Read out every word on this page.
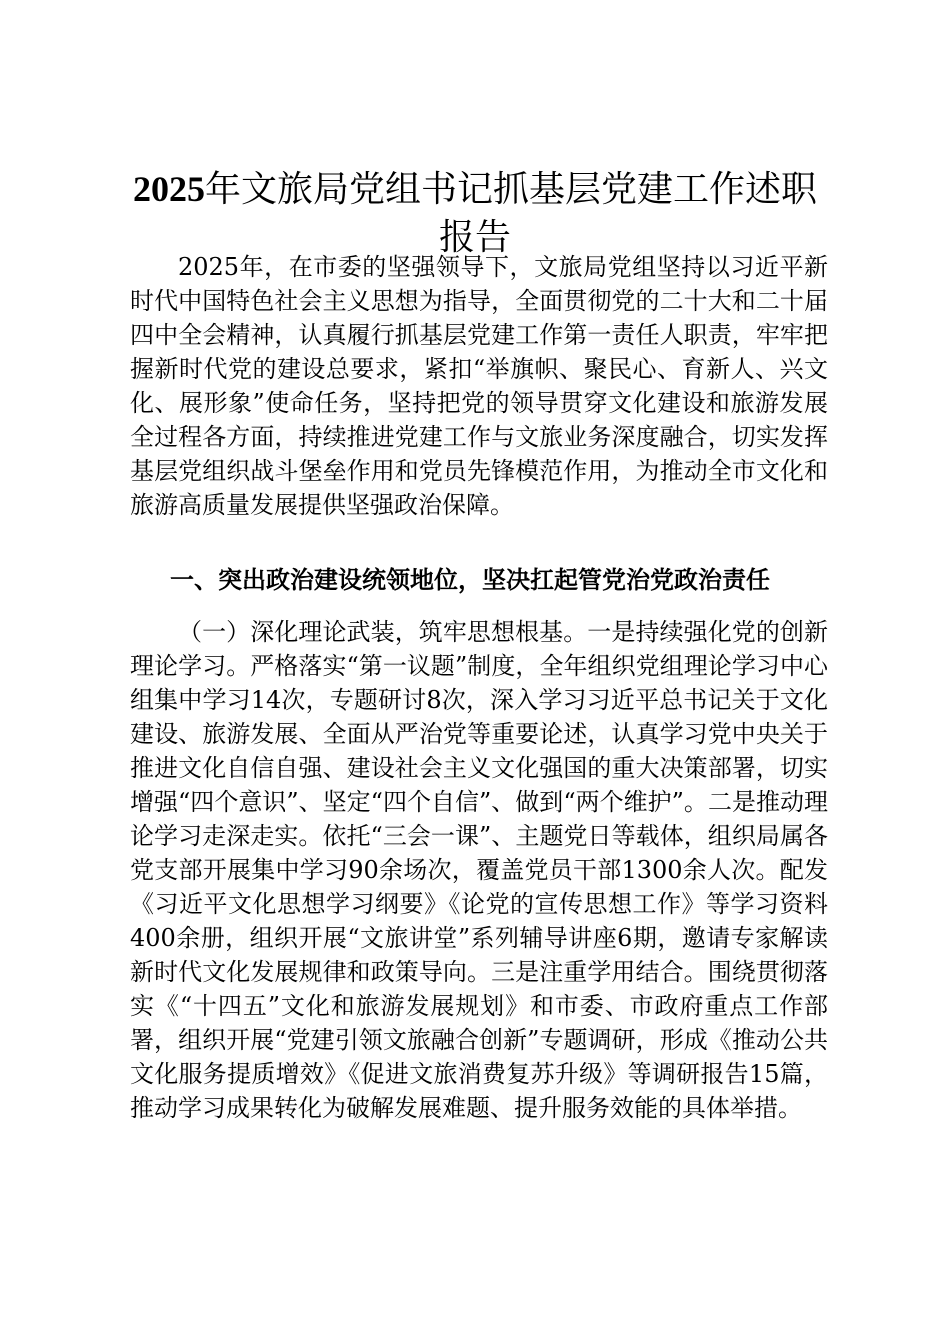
2025年文旅局党组书记抓基层党建工作述职报告

2025年，在市委的坚强领导下，文旅局党组坚持以习近平新时代中国特色社会主义思想为指导，全面贯彻党的二十大和二十届四中全会精神，认真履行抓基层党建工作第一责任人职责，牢牢把握新时代党的建设总要求，紧扣“举旗帜、聚民心、育新人、兴文化、展形象”使命任务，坚持把党的领导贯穿文化建设和旅游发展全过程各方面，持续推进党建工作与文旅业务深度融合，切实发挥基层党组织战斗堡垒作用和党员先锋模范作用，为推动全市文化和旅游高质量发展提供坚强政治保障。

一、突出政治建设统领地位，坚决扛起管党治党政治责任

（一）深化理论武装，筑牢思想根基。一是持续强化党的创新理论学习。严格落实“第一议题”制度，全年组织党组理论学习中心组集中学习14次，专题研讨8次，深入学习习近平总书记关于文化建设、旅游发展、全面从严治党等重要论述，认真学习党中央关于推进文化自信自强、建设社会主义文化强国的重大决策部署，切实增强“四个意识”、坚定“四个自信”、做到“两个维护”。二是推动理论学习走深走实。依托“三会一课”、主题党日等载体，组织局属各党支部开展集中学习90余场次，覆盖党员干部1300余人次。配发《习近平文化思想学习纲要》《论党的宣传思想工作》等学习资料400余册，组织开展“文旅讲堂”系列辅导讲座6期，邀请专家解读新时代文化发展规律和政策导向。三是注重学用结合。围绕贯彻落实《“十四五”文化和旅游发展规划》和市委、市政府重点工作部署，组织开展“党建引领文旅融合创新”专题调研，形成《推动公共文化服务提质增效》《促进文旅消费复苏升级》等调研报告15篇，推动学习成果转化为破解发展难题、提升服务效能的具体举措。
